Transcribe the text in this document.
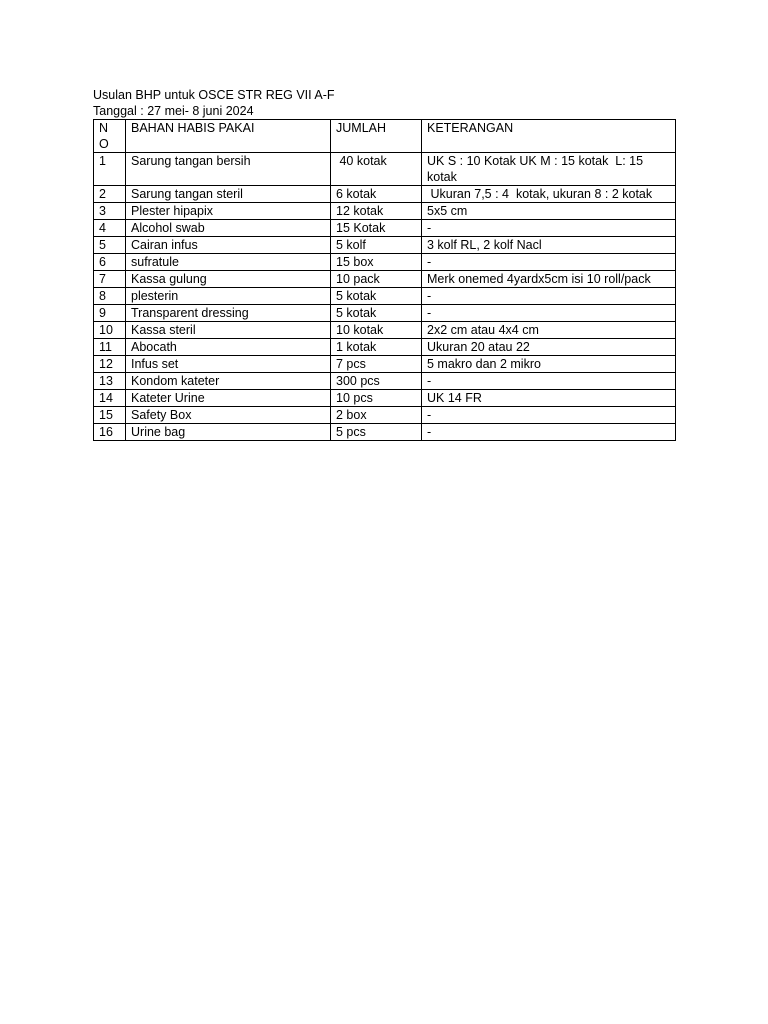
Usulan BHP untuk OSCE STR REG VII A-F
Tanggal : 27 mei- 8 juni 2024
NO	BAHAN HABIS PAKAI	JUMLAH	KETERANGAN
1	Sarung tangan bersih	40 kotak	UK S : 10 Kotak UK M : 15 kotak  L: 15 kotak
2	Sarung tangan steril	6 kotak	Ukuran 7,5 : 4  kotak, ukuran 8 : 2 kotak
3	Plester hipapix	12 kotak	5x5 cm
4	Alcohol swab	15 Kotak	-
5	Cairan infus	5 kolf	3 kolf RL, 2 kolf Nacl
6	sufratule	15 box	-
7	Kassa gulung	10 pack	Merk onemed 4yardx5cm isi 10 roll/pack
8	plesterin	5 kotak	-
9	Transparent dressing	5 kotak	-
10	Kassa steril	10 kotak	2x2 cm atau 4x4 cm
11	Abocath	1 kotak	Ukuran 20 atau 22
12	Infus set	7 pcs	5 makro dan 2 mikro
13	Kondom kateter	300 pcs	-
14	Kateter Urine	10 pcs	UK 14 FR
15	Safety Box	2 box	-
16	Urine bag	5 pcs	-
